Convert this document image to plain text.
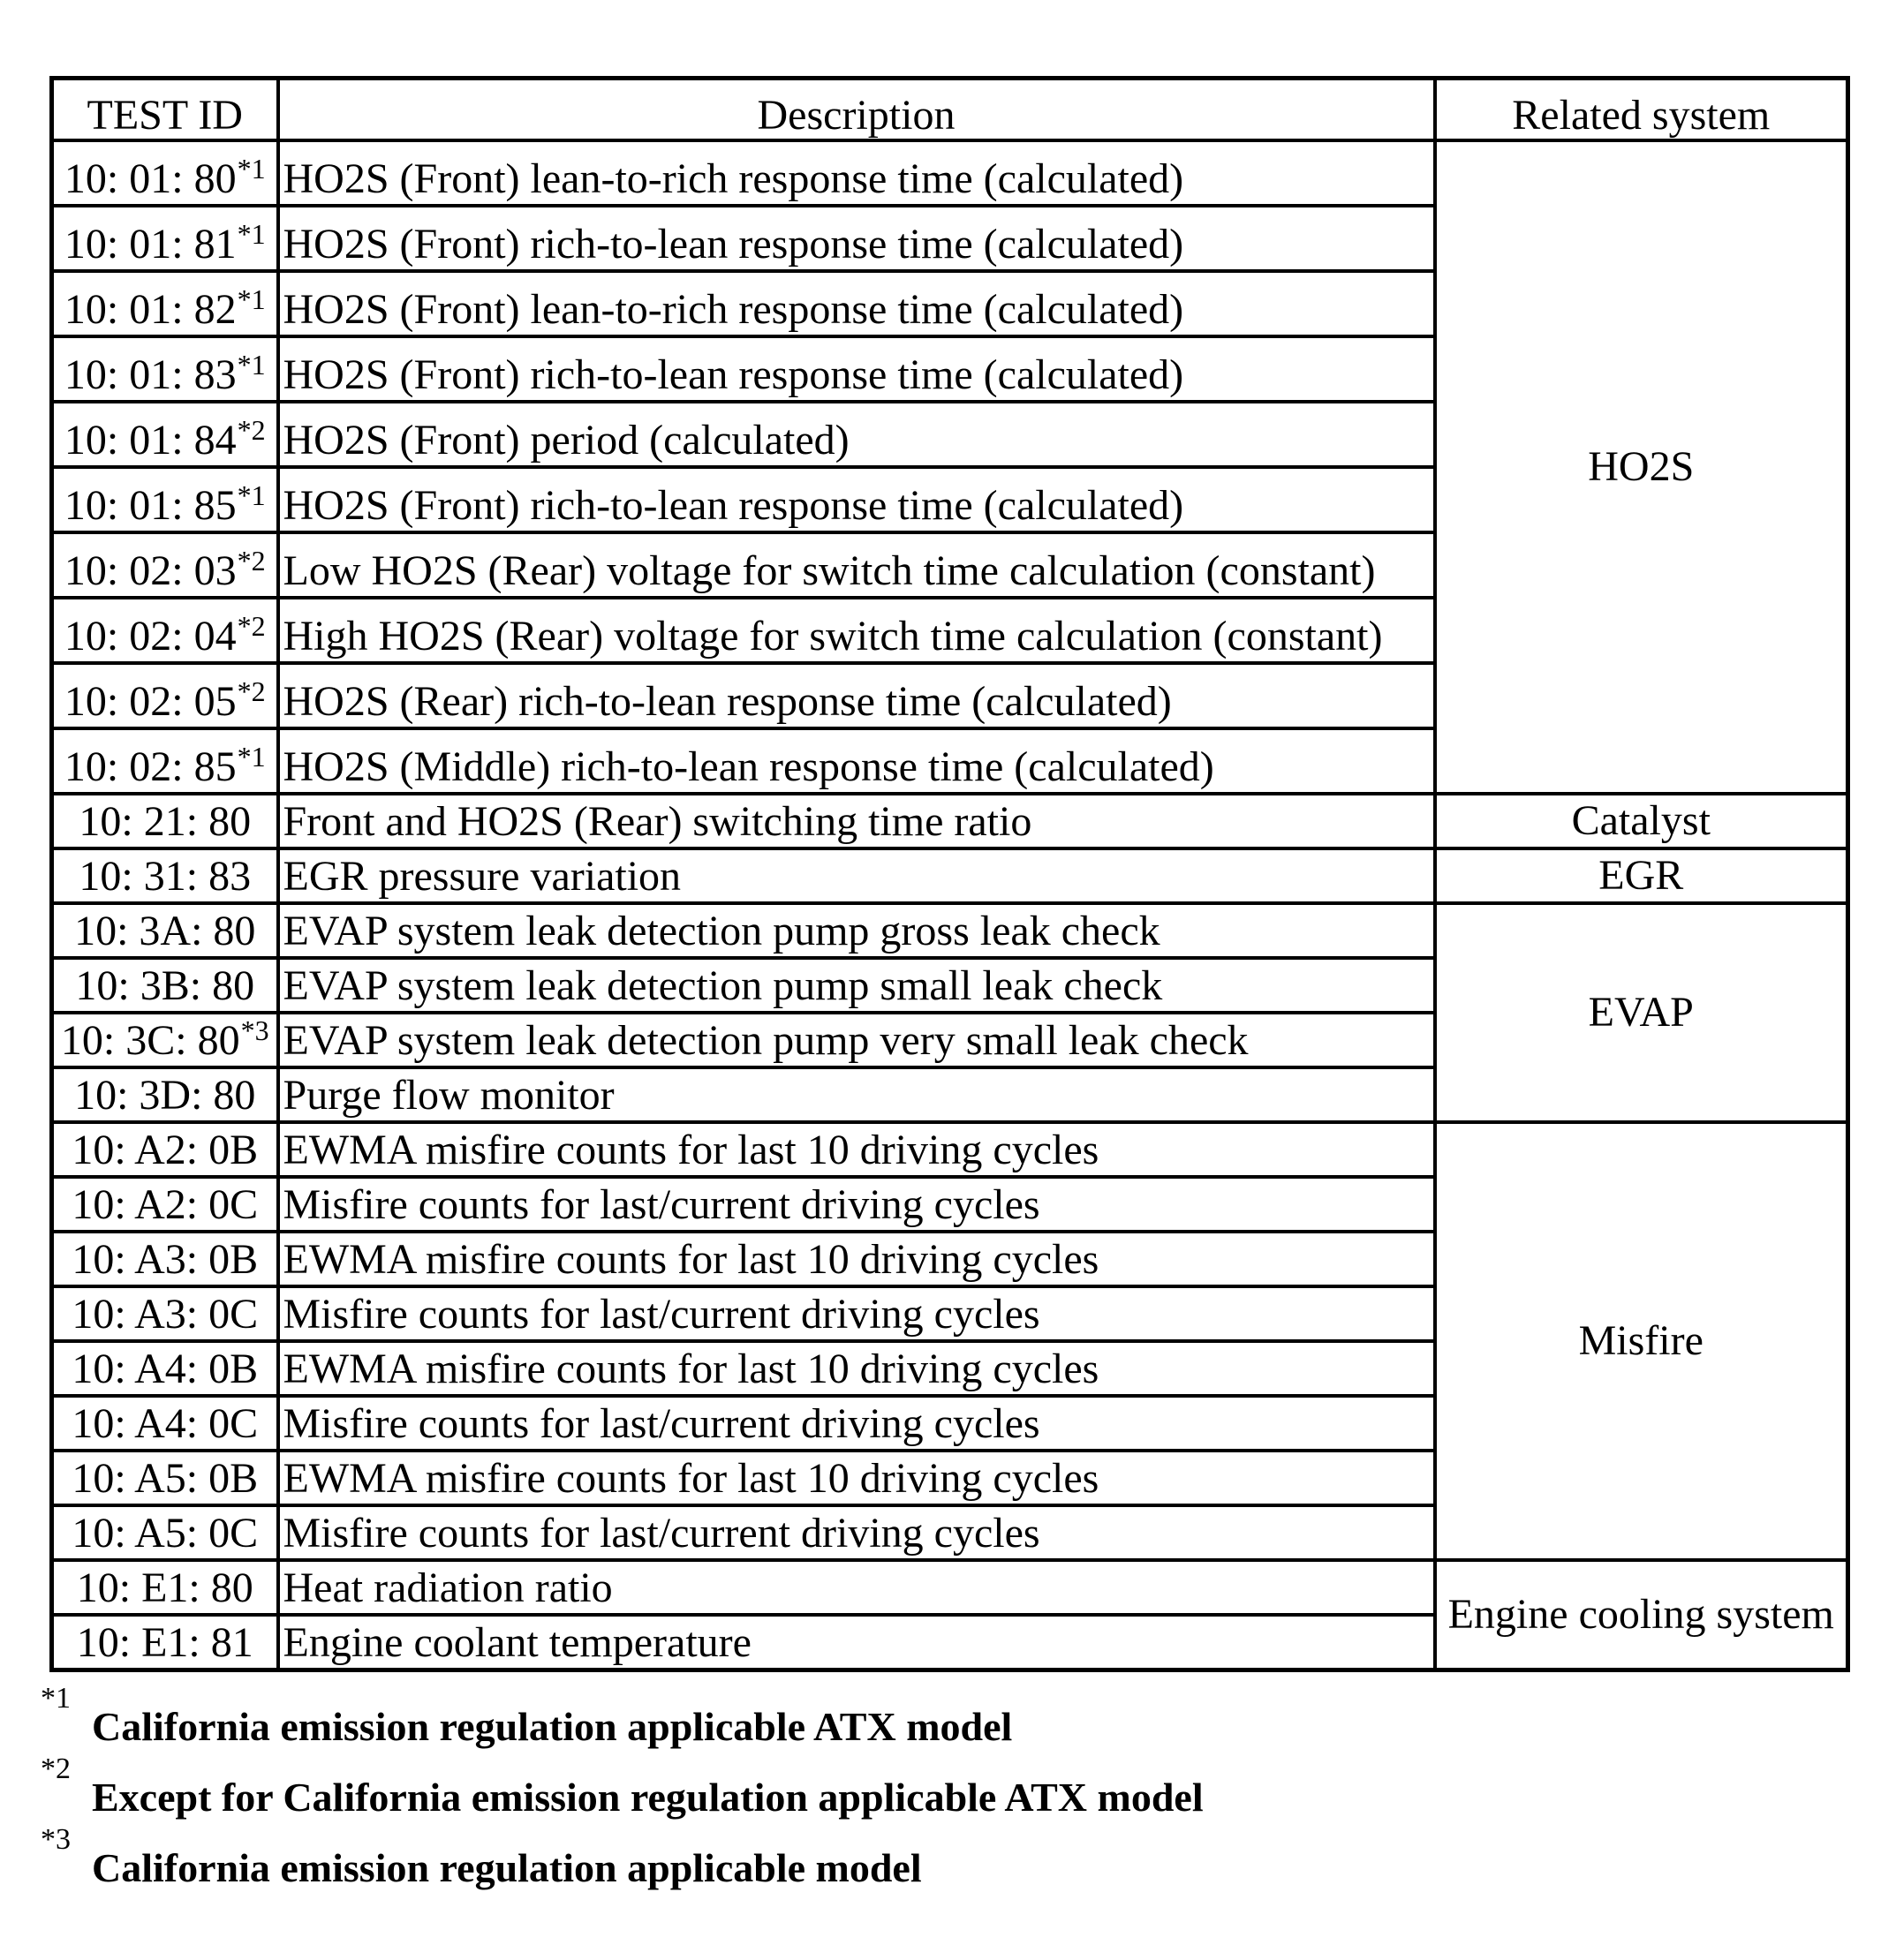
TEST ID	Description	Related system
10: 01: 80$^{*1}$	HO2S (Front) lean-to-rich response time (calculated)	HO2S
10: 01: 81$^{*1}$	HO2S (Front) rich-to-lean response time (calculated)	
10: 01: 82$^{*1}$	HO2S (Front) lean-to-rich response time (calculated)	
10: 01: 83$^{*1}$	HO2S (Front) rich-to-lean response time (calculated)	
10: 01: 84$^{*2}$	HO2S (Front) period (calculated)	
10: 01: 85$^{*1}$	HO2S (Front) rich-to-lean response time (calculated)	
10: 02: 03$^{*2}$	Low HO2S (Rear) voltage for switch time calculation (constant)	
10: 02: 04$^{*2}$	High HO2S (Rear) voltage for switch time calculation (constant)	
10: 02: 05$^{*2}$	HO2S (Rear) rich-to-lean response time (calculated)	
10: 02: 85$^{*1}$	HO2S (Middle) rich-to-lean response time (calculated)	
10: 21: 80	Front and HO2S (Rear) switching time ratio	Catalyst
10: 31: 83	EGR pressure variation	EGR
10: 3A: 80	EVAP system leak detection pump gross leak check	EVAP
10: 3B: 80	EVAP system leak detection pump small leak check	
10: 3C: 80$^{*3}$	EVAP system leak detection pump very small leak check	
10: 3D: 80	Purge flow monitor	
10: A2: 0B	EWMA misfire counts for last 10 driving cycles	Misfire
10: A2: 0C	Misfire counts for last/current driving cycles	
10: A3: 0B	EWMA misfire counts for last 10 driving cycles	
10: A3: 0C	Misfire counts for last/current driving cycles	
10: A4: 0B	EWMA misfire counts for last 10 driving cycles	
10: A4: 0C	Misfire counts for last/current driving cycles	
10: A5: 0B	EWMA misfire counts for last 10 driving cycles	
10: A5: 0C	Misfire counts for last/current driving cycles	
10: E1: 80	Heat radiation ratio	Engine cooling system
10: E1: 81	Engine coolant temperature	
*1
California emission regulation applicable ATX model
*2
Except for California emission regulation applicable ATX model
*3
California emission regulation applicable model
